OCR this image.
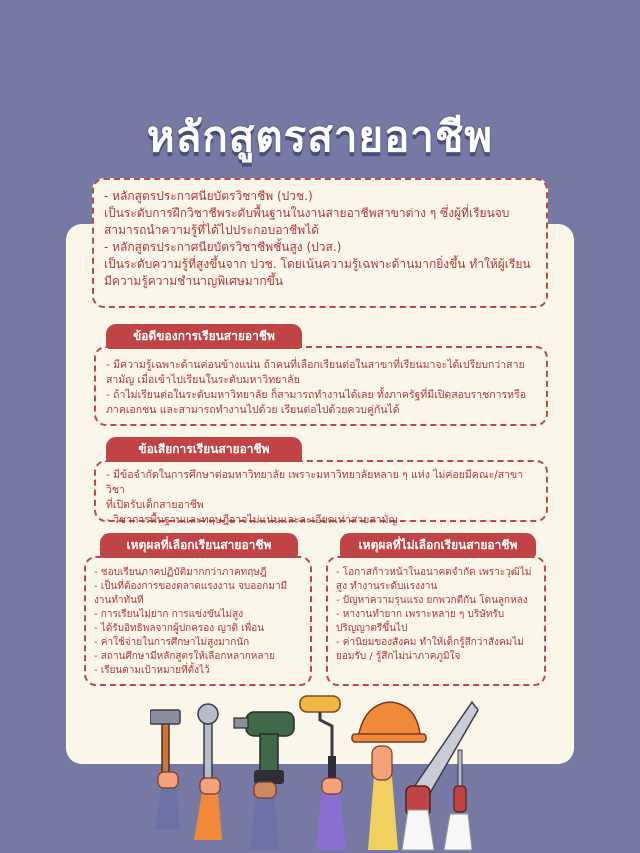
หลักสูตรสายอาชีพ

- หลักสูตรประกาศนียบัตรวิชาชีพ (ปวช.)

เป็นระดับการฝึกวิชาชีพระดับพื้นฐานในงานสายอาชีพสาขาต่าง ๆ ซึ่งผู้ที่เรียนจบ

สามารถนำความรู้ที่ได้ไปประกอบอาชีพได้

- หลักสูตรประกาศนียบัตรวิชาชีพชั้นสูง (ปวส.)

เป็นระดับความรู้ที่สูงขึ้นจาก ปวช. โดยเน้นความรู้เฉพาะด้านมากยิ่งขึ้น ทำให้ผู้เรียน

มีความรู้ความชำนาญพิเศษมากขึ้น

- มีความรู้เฉพาะด้านค่อนข้างแน่น ถ้าคนที่เลือกเรียนต่อในสาขาที่เรียนมาจะได้เปรียบกว่าสาย

สามัญ เมื่อเข้าไปเรียนในระดับมหาวิทยาลัย

- ถ้าไม่เรียนต่อในระดับมหาวิทยาลัย ก็สามารถทำงานได้เลย ทั้งภาครัฐที่มีเปิดสอบราชการหรือ

ภาคเอกชน และสามารถทำงานไปด้วย เรียนต่อไปด้วยควบคู่กันได้

ข้อดีของการเรียนสายอาชีพ

- มีข้อจำกัดในการศึกษาต่อมหาวิทยาลัย เพราะมหาวิทยาลัยหลาย ๆ แห่ง ไม่ค่อยมีคณะ/สาขาวิชา

ที่เปิดรับเด็กสายอาชีพ

- วิชาการพื้นฐานและทฤษฎีอาจไม่แน่นและละเอียดเท่าสายสามัญ

ข้อเสียการเรียนสายอาชีพ

- ชอบเรียนภาคปฏิบัติมากกว่าภาคทฤษฎี

- เป็นที่ต้องการของตลาดแรงงาน จบออกมามี

งานทำทันที

- การเรียนไม่ยาก การแข่งขันไม่สูง

- ได้รับอิทธิพลจากผู้ปกครอง ญาติ เพื่อน

- ค่าใช้จ่ายในการศึกษาไม่สูงมากนัก

- สถานศึกษามีหลักสูตรให้เลือกหลากหลาย

- เรียนตามเป้าหมายที่ตั้งไว้

เหตุผลที่เลือกเรียนสายอาชีพ

- โอกาสก้าวหน้าในอนาคตจำกัด เพราะวุฒิไม่

สูง ทำงานระดับแรงงาน

- ปัญหาความรุนแรง ยกพวกตีกัน โดนลูกหลง

- หางานทำยาก เพราะหลาย ๆ บริษัทรับ

ปริญญาตรีขึ้นไป

- ค่านิยมของสังคม ทำให้เด็กรู้สึกว่าสังคมไม่

ยอมรับ / รู้สึกไม่น่าภาคภูมิใจ

เหตุผลที่ไม่เลือกเรียนสายอาชีพ
